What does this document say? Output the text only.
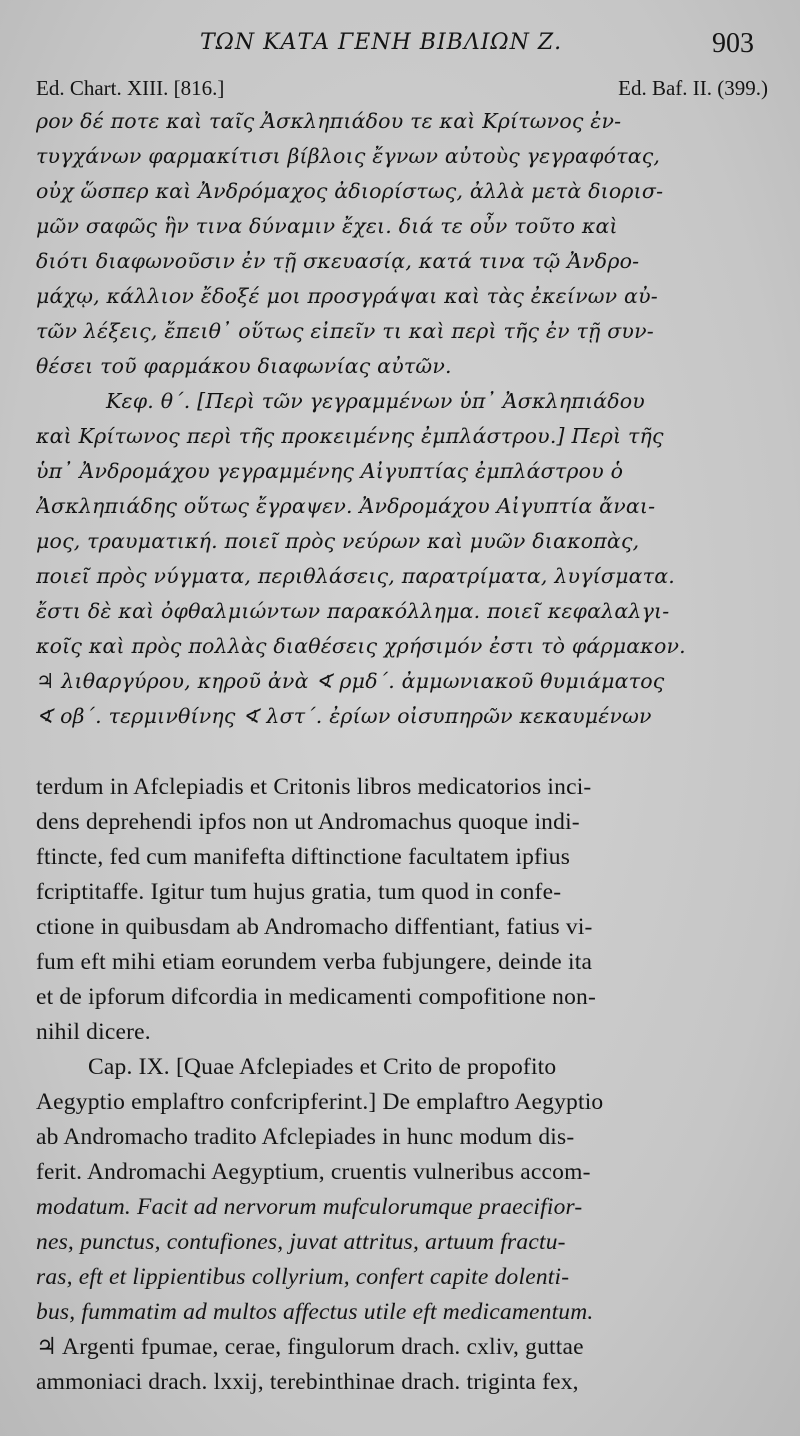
ΤΩΝ ΚΑΤΑ ΓΕΝΗ ΒΙΒΛΙΩΝ Ζ.	903
Ed. Chart. XIII. [816.]	Ed. Baf. II. (399.)
ρον δέ ποτε καὶ ταῖς Ἀσκληπιάδου τε καὶ Κρίτωνος ἐν-
τυγχάνων φαρμακίτισι βίβλοις ἔγνων αὐτοὺς γεγραφότας,
οὐχ ὥσπερ καὶ Ἀνδρόμαχος ἀδιορίστως, ἀλλὰ μετὰ διορισ-
μῶν σαφῶς ἣν τινα δύναμιν ἔχει. διά τε οὖν τοῦτο καὶ
διότι διαφωνοῦσιν ἐν τῇ σκευασίᾳ, κατά τινα τῷ Ἀνδρο-
μάχῳ, κάλλιον ἔδοξέ μοι προσγράψαι καὶ τὰς ἐκείνων αὐ-
τῶν λέξεις, ἔπειθ᾽ οὕτως εἰπεῖν τι καὶ περὶ τῆς ἐν τῇ συν-
θέσει τοῦ φαρμάκου διαφωνίας αὐτῶν.
Κεφ. θ΄. [Περὶ τῶν γεγραμμένων ὑπ᾽ Ἀσκληπιάδου
καὶ Κρίτωνος περὶ τῆς προκειμένης ἐμπλάστρου.] Περὶ τῆς
ὑπ᾽ Ἀνδρομάχου γεγραμμένης Αἰγυπτίας ἐμπλάστρου ὁ
Ἀσκληπιάδης οὕτως ἔγραψεν. Ἀνδρομάχου Αἰγυπτία ἄναι-
μος, τραυματική. ποιεῖ πρὸς νεύρων καὶ μυῶν διακοπὰς,
ποιεῖ πρὸς νύγματα, περιθλάσεις, παρατρίματα, λυγίσματα.
ἔστι δὲ καὶ ὀφθαλμιώντων παρακόλλημα. ποιεῖ κεφαλαλγι-
κοῖς καὶ πρὸς πολλὰς διαθέσεις χρήσιμόν ἐστι τὸ φάρμακον.
♃ λιθαργύρου, κηροῦ ἀνὰ ∢ ρμδ΄. ἀμμωνιακοῦ θυμιάματος
∢ οβ΄. τερμινθίνης ∢ λστ΄. ἐρίων οἰσυπηρῶν κεκαυμένων
terdum in Afclepiadis et Critonis libros medicatorios inci-
dens deprehendi ipfos non ut Andromachus quoque indi-
ftincte, fed cum manifefta diftinctione facultatem ipfius
fcriptitaffe. Igitur tum hujus gratia, tum quod in confe-
ctione in quibusdam ab Andromacho diffentiant, fatius vi-
fum eft mihi etiam eorundem verba fubjungere, deinde ita
et de ipforum difcordia in medicamenti compofitione non-
nihil dicere.
Cap. IX. [Quae Afclepiades et Crito de propofito
Aegyptio emplaftro confcripferint.] De emplaftro Aegyptio
ab Andromacho tradito Afclepiades in hunc modum dis-
ferit. Andromachi Aegyptium, cruentis vulneribus accom-
modatum. Facit ad nervorum mufculorumque praecifior-
nes, punctus, contufiones, juvat attritus, artuum fractu-
ras, eft et lippientibus collyrium, confert capite dolenti-
bus, fummatim ad multos affectus utile eft medicamentum.
♃ Argenti fpumae, cerae, fingulorum drach. cxliv, guttae
ammoniaci drach. lxxij, terebinthinae drach. triginta fex,
